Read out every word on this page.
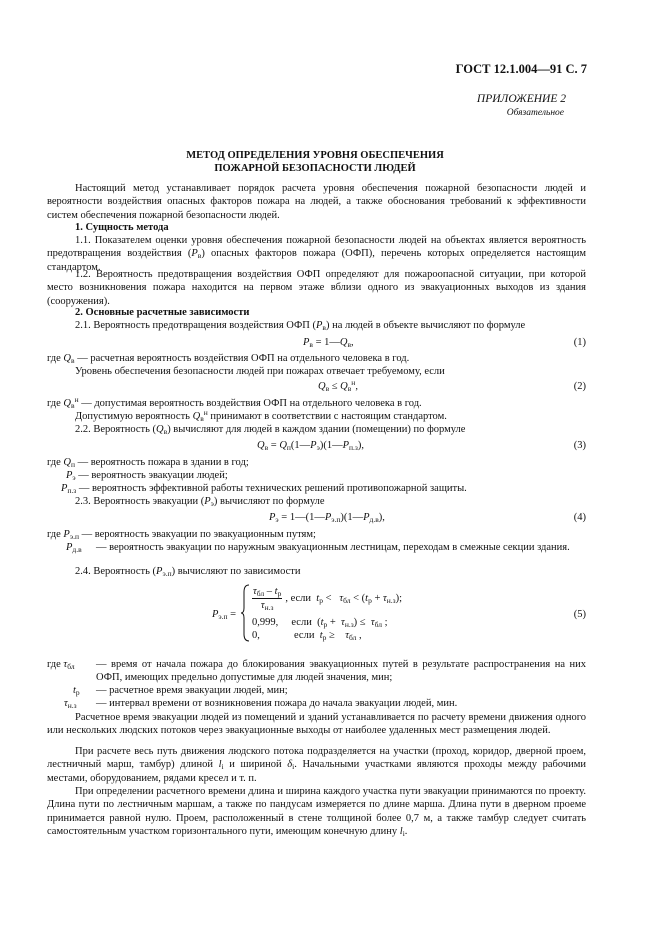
ГОСТ 12.1.004—91 С. 7
ПРИЛОЖЕНИЕ 2
Обязательное
МЕТОД ОПРЕДЕЛЕНИЯ УРОВНЯ ОБЕСПЕЧЕНИЯ
ПОЖАРНОЙ БЕЗОПАСНОСТИ ЛЮДЕЙ
Настоящий метод устанавливает порядок расчета уровня обеспечения пожарной безопасности людей и вероятности воздействия опасных факторов пожара на людей, а также обоснования требований к эффективности систем обеспечения пожарной безопасности людей.
1. Сущность метода
1.1. Показателем оценки уровня обеспечения пожарной безопасности людей на объектах является вероятность предотвращения воздействия $(P_в)$ опасных факторов пожара (ОФП), перечень которых определяется настоящим стандартом.
1.2. Вероятность предотвращения воздействия ОФП определяют для пожароопасной ситуации, при которой место возникновения пожара находится на первом этаже вблизи одного из эвакуационных выходов из здания (сооружения).
2. Основные расчетные зависимости
2.1. Вероятность предотвращения воздействия ОФП $(P_в)$ на людей в объекте вычисляют по формуле
$P_в$ = $1—Q_в$,	(1)
где $Q_в$ — расчетная вероятность воздействия ОФП на отдельного человека в год.
Уровень обеспечения безопасности людей при пожарах отвечает требуемому, если
$Q_в \le Q_в^н$,	(2)
где $Q_в^н$ — допустимая вероятность воздействия ОФП на отдельного человека в год.
Допустимую вероятность $Q_в^н$ принимают в соответствии с настоящим стандартом.
2.2. Вероятность $(Q_в)$ вычисляют для людей в каждом здании (помещении) по формуле
$Q_в$ = $Q_п(1—P_э)(1—P_{п.з})$,	(3)
где $Q_п$ — вероятность пожара в здании в год;
$P_э$ — вероятность эвакуации людей;
$P_{п.з}$ — вероятность эффективной работы технических решений противопожарной защиты.
2.3. Вероятность эвакуации $(P_э)$ вычисляют по формуле
$P_э$ = $1—(1—P_{э.п})(1—P_{д.в})$,	(4)
где $P_{э.п}$ — вероятность эвакуации по эвакуационным путям;
$P_{д.в}$ — вероятность эвакуации по наружным эвакуационным лестницам, переходам в смежные секции здания.
2.4. Вероятность $(P_{э.п})$ вычисляют по зависимости
$P_{э.п}$ =
$\frac{\tau_{бл} - t_р}{\tau_{н.з}}$ , если $t_р < \tau_{бл} < (t_р + \tau_{н.з})$;
0,999, если  $(t_р + \tau_{н.з}) \le \tau_{бл}$ ;
0,	если $t_р$ ≥    $\tau_{бл}$ ,
(5)
где $\tau_{бл}$ — время от начала пожара до блокирования эвакуационных путей в результате распространения на них ОФП, имеющих предельно допустимые для людей значения, мин;
$t_р$ — расчетное время эвакуации людей, мин;
$\tau_{н.з}$ — интервал времени от возникновения пожара до начала эвакуации людей, мин.
Расчетное время эвакуации людей из помещений и зданий устанавливается по расчету времени движения одного или нескольких людских потоков через эвакуационные выходы от наиболее удаленных мест размещения людей.
При расчете весь путь движения людского потока подразделяется на участки (проход, коридор, дверной проем, лестничный марш, тамбур) длиной $l_i$ и шириной $\delta_i$. Начальными участками являются проходы между рабочими местами, оборудованием, рядами кресел и т. п.
При определении расчетного времени длина и ширина каждого участка пути эвакуации принимаются по проекту. Длина пути по лестничным маршам, а также по пандусам измеряется по длине марша. Длина пути в дверном проеме принимается равной нулю. Проем, расположенный в стене толщиной более 0,7 м, а также тамбур следует считать самостоятельным участком горизонтального пути, имеющим конечную длину $l_i$.
